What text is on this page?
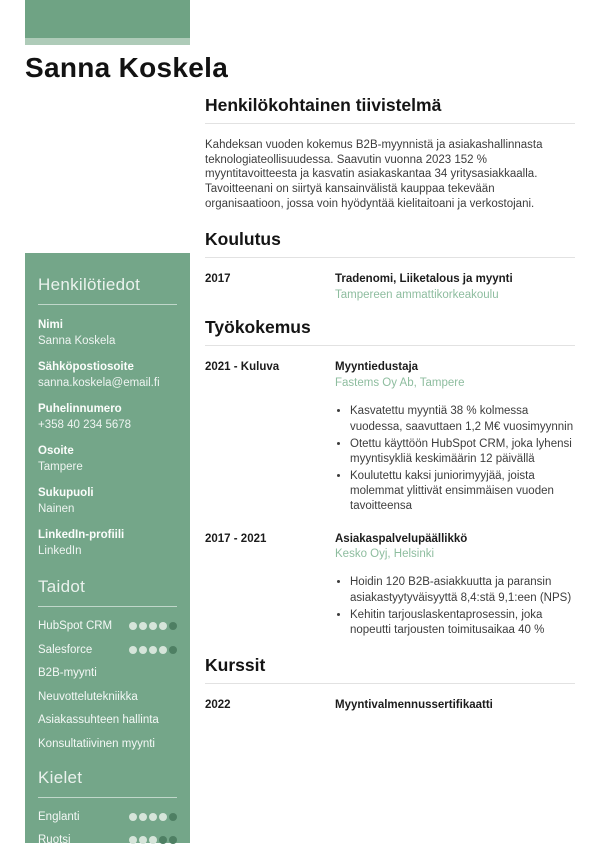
Sanna Koskela
Henkilötiedot
Nimi
Sanna Koskela
Sähköpostiosoite
sanna.koskela@email.fi
Puhelinnumero
+358 40 234 5678
Osoite
Tampere
Sukupuoli
Nainen
LinkedIn-profiili
LinkedIn
Taidot
HubSpot CRM
Salesforce
B2B-myynti
Neuvottelutekniikka
Asiakassuhteen hallinta
Konsultatiivinen myynti
Kielet
Englanti
Ruotsi
Henkilökohtainen tiivistelmä

Kahdeksan vuoden kokemus B2B-myynnistä ja asiakashallinnasta teknologiateollisuudessa. Saavutin vuonna 2023 152 % myyntitavoitteesta ja kasvatin asiakaskantaa 34 yritysasiakkaalla. Tavoitteenani on siirtyä kansainvälistä kauppaa tekevään organisaatioon, jossa voin hyödyntää kielitaitoani ja verkostojani.

Koulutus
2017	Tradenomi, Liiketalous ja myynti
Tampereen ammattikorkeakoulu
Työkokemus
2021 - Kuluva	Myyntiedustaja
Fastems Oy Ab, Tampere
• Kasvatettu myyntiä 38 % kolmessa vuodessa, saavuttaen 1,2 M€ vuosimyynnin
• Otettu käyttöön HubSpot CRM, joka lyhensi myyntisykliä keskimäärin 12 päivällä
• Koulutettu kaksi juniorimyyjää, joista molemmat ylittivät ensimmäisen vuoden tavoitteensa
2017 - 2021	Asiakaspalvelupäällikkö
Kesko Oyj, Helsinki
• Hoidin 120 B2B-asiakkuutta ja paransin asiakastyytyväisyyttä 8,4:stä 9,1:een (NPS)
• Kehitin tarjouslaskentaprosessin, joka nopeutti tarjousten toimitusaikaa 40 %
Kurssit
2022	Myyntivalmennussertifikaatti
